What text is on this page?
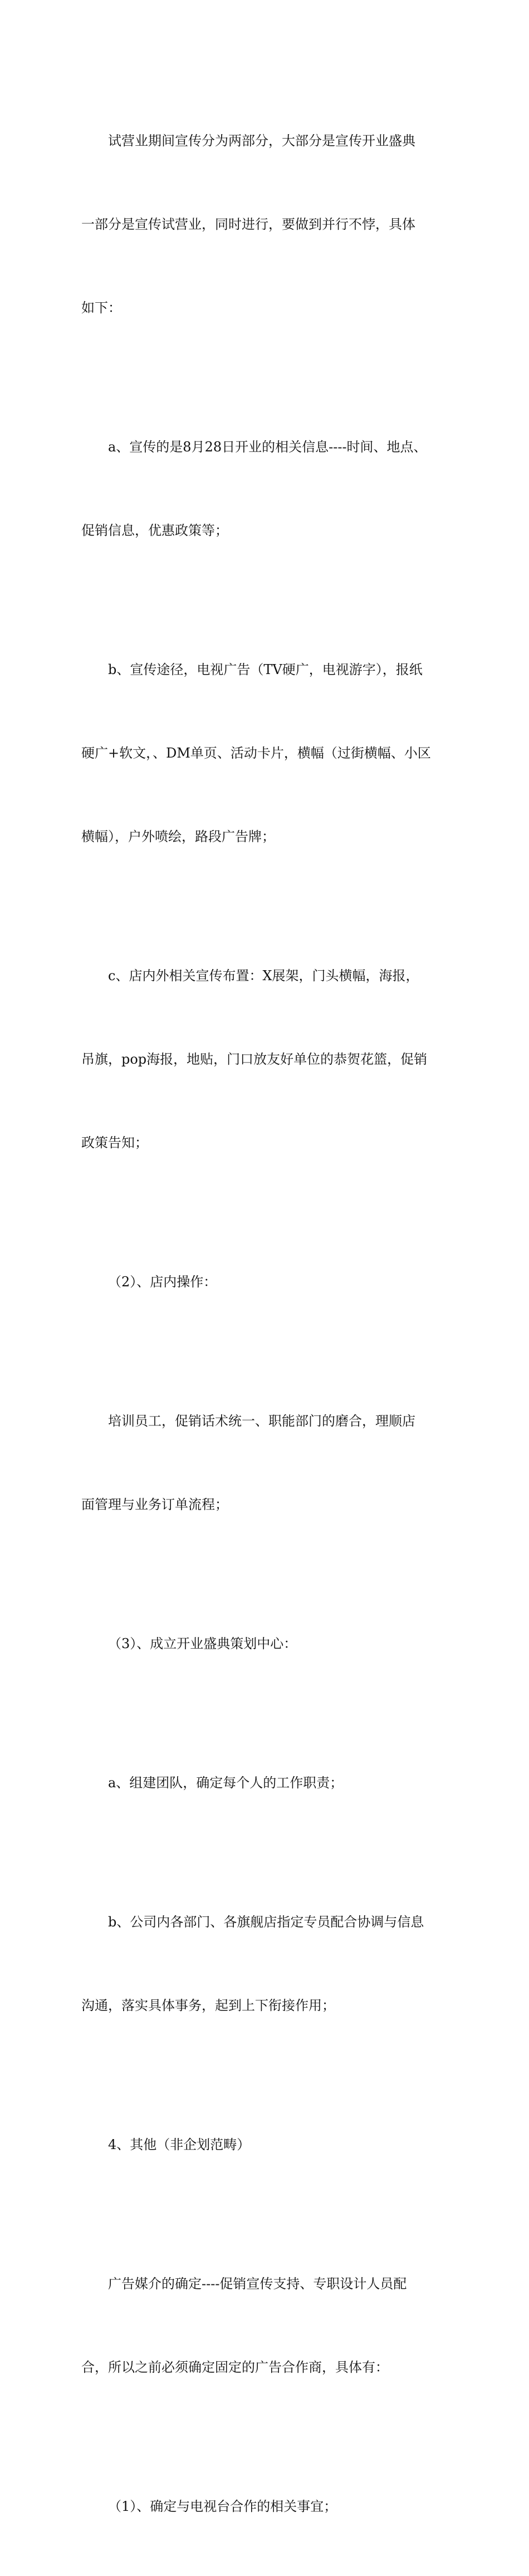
试营业期间宣传分为两部分，大部分是宣传开业盛典

一部分是宣传试营业，同时进行，要做到并行不悖，具体

如下：

a、宣传的是8月28日开业的相关信息----时间、地点、

促销信息，优惠政策等；

b、宣传途径，电视广告（TV硬广，电视游字），报纸

硬广+软文，、DM单页、活动卡片，横幅（过街横幅、小区

横幅），户外喷绘，路段广告牌；

c、店内外相关宣传布置：X展架，门头横幅，海报，

吊旗，pop海报，地贴，门口放友好单位的恭贺花篮，促销

政策告知；

（2）、店内操作：

培训员工，促销话术统一、职能部门的磨合，理顺店

面管理与业务订单流程；

（3）、成立开业盛典策划中心：

a、组建团队，确定每个人的工作职责；

b、公司内各部门、各旗舰店指定专员配合协调与信息

沟通，落实具体事务，起到上下衔接作用；

4、其他（非企划范畴）

广告媒介的确定----促销宣传支持、专职设计人员配

合，所以之前必须确定固定的广告合作商，具体有：

（1）、确定与电视台合作的相关事宜；
